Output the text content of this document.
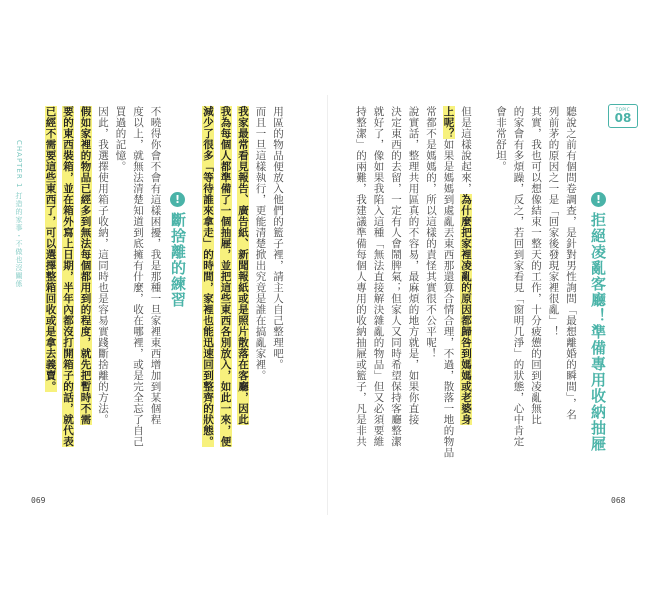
CHAPTER 1 打造的家事・不做也沒關係
TOPIC
08
!
拒絕凌亂客廳！準備專用收納抽屜
聽說之前有個問卷調查，是針對男性詢問「最想離婚的瞬間」，名
列前茅的原因之一是「回家後發現家裡很亂」！
其實，我也可以想像結束一整天的工作，十分疲憊的回到凌亂無比
的家會有多煩躁，反之，若回到家看見「窗明几淨」的狀態，心中肯定
會非常舒坦。
但是這樣說起來，為什麼把家裡凌亂的原因都歸咎到媽媽或老婆身
上呢？如果是媽媽到處亂丟東西那還算合情合理，不過，散落一地的物品
常都不是媽媽的，所以這樣的責怪其實很不公平呢！
說實話，整理共用區真的不容易，最麻煩的地方就是，如果你直接
決定東西的去留，一定有人會鬧脾氣；但家人又同時希望保持客廳整潔
就好了，像如果我陷入這種「無法直接解決雜亂的物品」但又必須要維
持整潔」的兩難，我建議準備每個人專用的收納抽屜或籃子，凡是非共
!
斷捨離的練習	用區的物品便放入他們的籃子裡，請主人自己整理吧。
而且一旦這樣執行，更能清楚掀出究竟是誰在搞亂家裡。
我家最常看見報告、廣告紙、新聞報紙或是照片散落在客廳，因此
我為每個人都準備了一個抽屜，並把這些東西各別放入，如此一來，便
減少了很多「等待誰來拿走」的時間，家裡也能迅速回到整齊的狀態。
不曉得你會不會有這樣困擾，我是那種一旦家裡東西增加到某個程
度以上，就無法清楚知道到底擁有什麼，收在哪裡，或是完全忘了自己
買過的記憶。
因此，我選擇使用箱子收納，這同時也是容易實踐斷捨離的方法。
假如家裡的物品已經多到無法每個都用到的程度，就先把暫時不需
要的東西裝箱，並在箱外寫上日期，半年內都沒打開箱子的話，就代表
已經不需要這些東西了，可以選擇整箱回收或是拿去義賣。
069	068
